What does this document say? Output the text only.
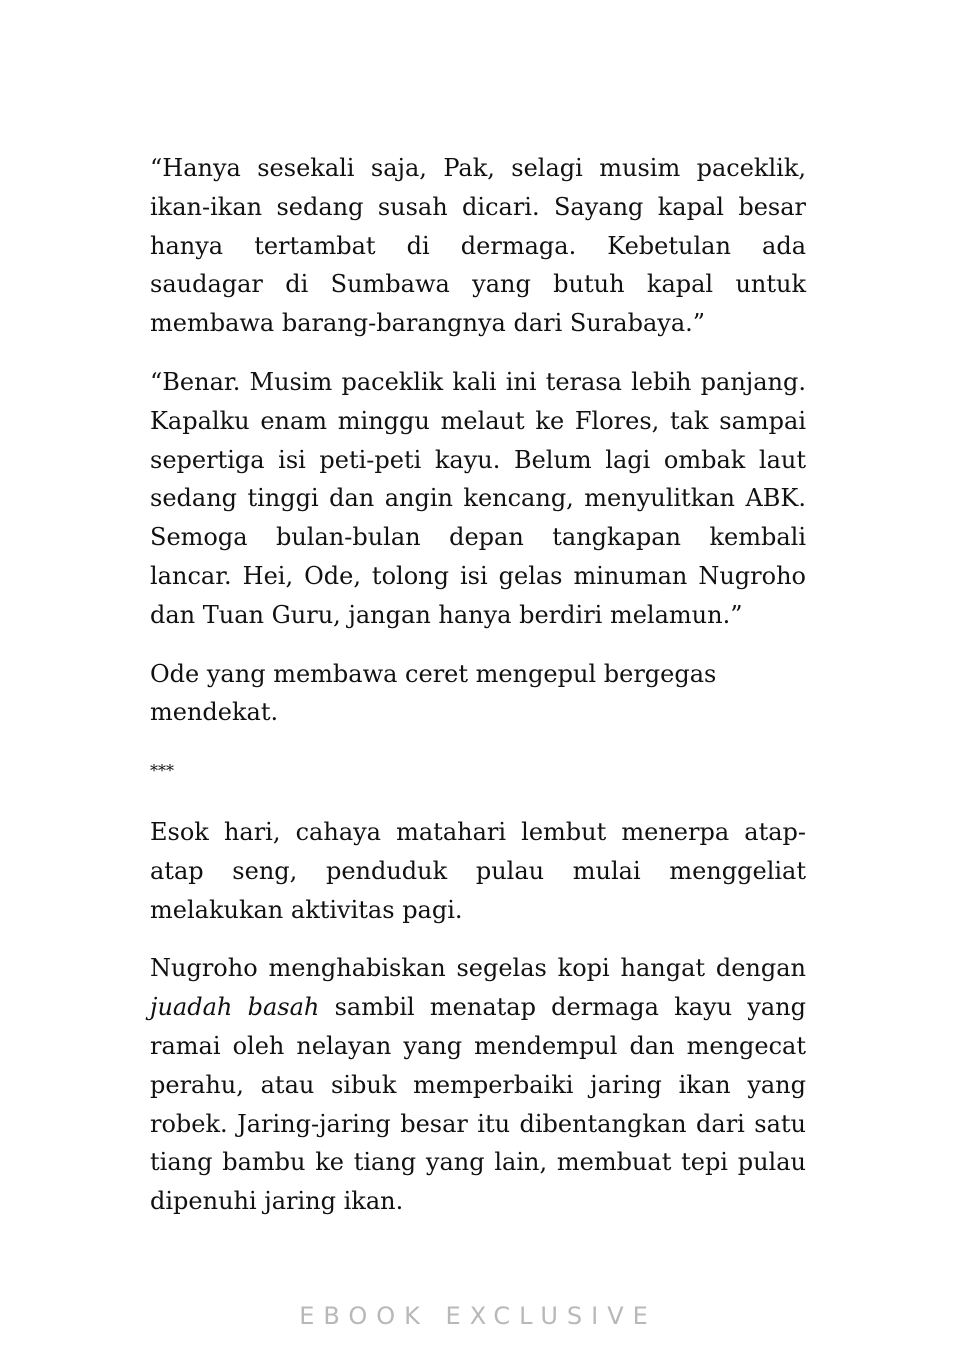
“Hanya sesekali saja, Pak, selagi musim paceklik, ikan-ikan sedang susah dicari. Sayang kapal besar hanya tertambat di dermaga. Kebetulan ada saudagar di Sumbawa yang butuh kapal untuk membawa barang-barangnya dari Surabaya.”

“Benar. Musim paceklik kali ini terasa lebih panjang. Kapalku enam minggu melaut ke Flores, tak sampai sepertiga isi peti-peti kayu. Belum lagi ombak laut sedang tinggi dan angin kencang, menyulitkan ABK. Semoga bulan-bulan depan tangkapan kembali lancar. Hei, Ode, tolong isi gelas minuman Nugroho dan Tuan Guru, jangan hanya berdiri melamun.”

Ode yang membawa ceret mengepul bergegas mendekat.

***

Esok hari, cahaya matahari lembut menerpa atap-atap seng, penduduk pulau mulai menggeliat melakukan aktivitas pagi.

Nugroho menghabiskan segelas kopi hangat dengan juadah basah sambil menatap dermaga kayu yang ramai oleh nelayan yang mendempul dan mengecat perahu, atau sibuk memperbaiki jaring ikan yang robek. Jaring-jaring besar itu dibentangkan dari satu tiang bambu ke tiang yang lain, membuat tepi pulau dipenuhi jaring ikan.

EBOOK EXCLUSIVE
